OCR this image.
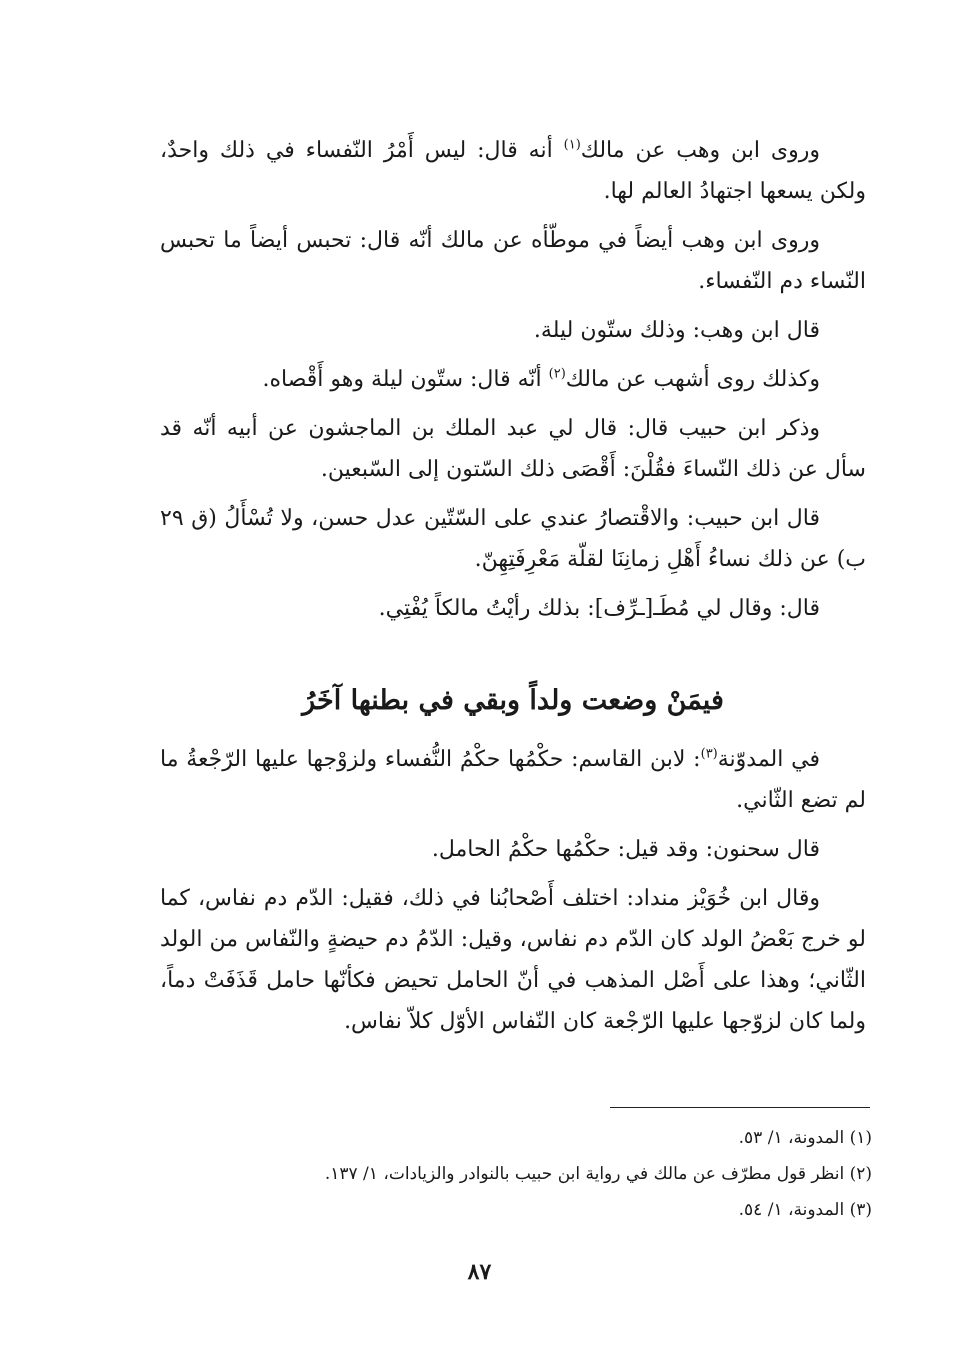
وروى ابن وهب عن مالك$^{(١)}$ أنه قال: ليس أَمْرُ النّفساء في ذلك واحدٌ، ولكن يسعها اجتهادُ العالم لها.

وروى ابن وهب أيضاً في موطّأه عن مالك أنّه قال: تحبس أيضاً ما تحبس النّساء دم النّفساء.

قال ابن وهب: وذلك ستّون ليلة.

وكذلك روى أشهب عن مالك$^{(٢)}$ أنّه قال: ستّون ليلة وهو أَقْصاه.

وذكر ابن حبيب قال: قال لي عبد الملك بن الماجشون عن أبيه أنّه قد سأل عن ذلك النّساءَ فقُلْنَ: أَقْصَى ذلك السّتون إلى السّبعين.

قال ابن حبيب: والاقْتصارُ عندي على السّتّين عدل حسن، ولا تُسْأَلُ (ق ٢٩ ب) عن ذلك نساءُ أَهْلِ زمانِنَا لقلّة مَعْرِفَتِهِنّ.

قال: وقال لي مُطَـ[ـرِّف]: بذلك رأيْتُ مالكاً يُفْتِي.

فيمَنْ وضعت ولداً وبقي في بطنها آخَرُ

في المدوّنة$^{(٣)}$: لابن القاسم: حكْمُها حكْمُ النُّفساء ولزوْجها عليها الرّجْعةُ ما لم تضع الثّاني.

قال سحنون: وقد قيل: حكْمُها حكْمُ الحامل.

وقال ابن خُوَيْز منداد: اختلف أَصْحابُنا في ذلك، فقيل: الدّم دم نفاس، كما لو خرج بَعْضُ الولد كان الدّم دم نفاس، وقيل: الدّمُ دم حيضةٍ والنّفاس من الولد الثّاني؛ وهذا على أَصْل المذهب في أنّ الحامل تحيض فكأنّها حامل قَذَفَتْ دماً، ولما كان لزوّجها عليها الرّجْعة كان النّفاس الأوّل كلاّ نفاس.

(١) المدونة، ١/ ٥٣.

(٢) انظر قول مطرّف عن مالك في رواية ابن حبيب بالنوادر والزيادات، ١/ ١٣٧.

(٣) المدونة، ١/ ٥٤.

٨٧
